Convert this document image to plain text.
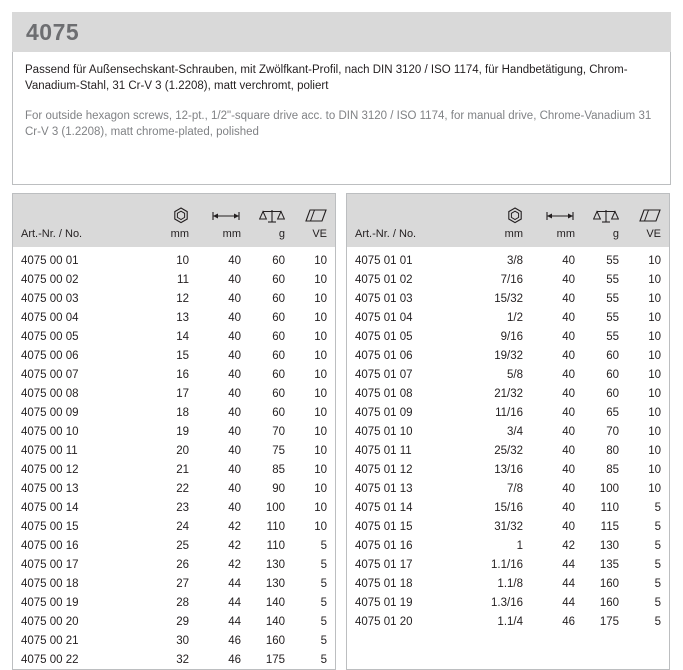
4075

Passend für Außensechskant-Schrauben, mit Zwölfkant-Profil, nach DIN 3120 / ISO 1174, für Handbetätigung, Chrom-Vanadium-Stahl, 31 Cr-V 3 (1.2208), matt verchromt, poliert

For outside hexagon screws, 12-pt., 1/2"-square drive acc. to DIN 3120 / ISO 1174, for manual drive, Chrome-Vanadium 31 Cr-V 3 (1.2208), matt chrome-plated, polished

Art.-Nr. / No.	mm	mm	g	VE
4075 00 01	10	40	60	10
4075 00 02	11	40	60	10
4075 00 03	12	40	60	10
4075 00 04	13	40	60	10
4075 00 05	14	40	60	10
4075 00 06	15	40	60	10
4075 00 07	16	40	60	10
4075 00 08	17	40	60	10
4075 00 09	18	40	60	10
4075 00 10	19	40	70	10
4075 00 11	20	40	75	10
4075 00 12	21	40	85	10
4075 00 13	22	40	90	10
4075 00 14	23	40	100	10
4075 00 15	24	42	110	10
4075 00 16	25	42	110	5
4075 00 17	26	42	130	5
4075 00 18	27	44	130	5
4075 00 19	28	44	140	5
4075 00 20	29	44	140	5
4075 00 21	30	46	160	5
4075 00 22	32	46	175	5

Art.-Nr. / No.	mm	mm	g	VE
4075 01 01	3/8	40	55	10
4075 01 02	7/16	40	55	10
4075 01 03	15/32	40	55	10
4075 01 04	1/2	40	55	10
4075 01 05	9/16	40	55	10
4075 01 06	19/32	40	60	10
4075 01 07	5/8	40	60	10
4075 01 08	21/32	40	60	10
4075 01 09	11/16	40	65	10
4075 01 10	3/4	40	70	10
4075 01 11	25/32	40	80	10
4075 01 12	13/16	40	85	10
4075 01 13	7/8	40	100	10
4075 01 14	15/16	40	110	5
4075 01 15	31/32	40	115	5
4075 01 16	1	42	130	5
4075 01 17	1.1/16	44	135	5
4075 01 18	1.1/8	44	160	5
4075 01 19	1.3/16	44	160	5
4075 01 20	1.1/4	46	175	5
